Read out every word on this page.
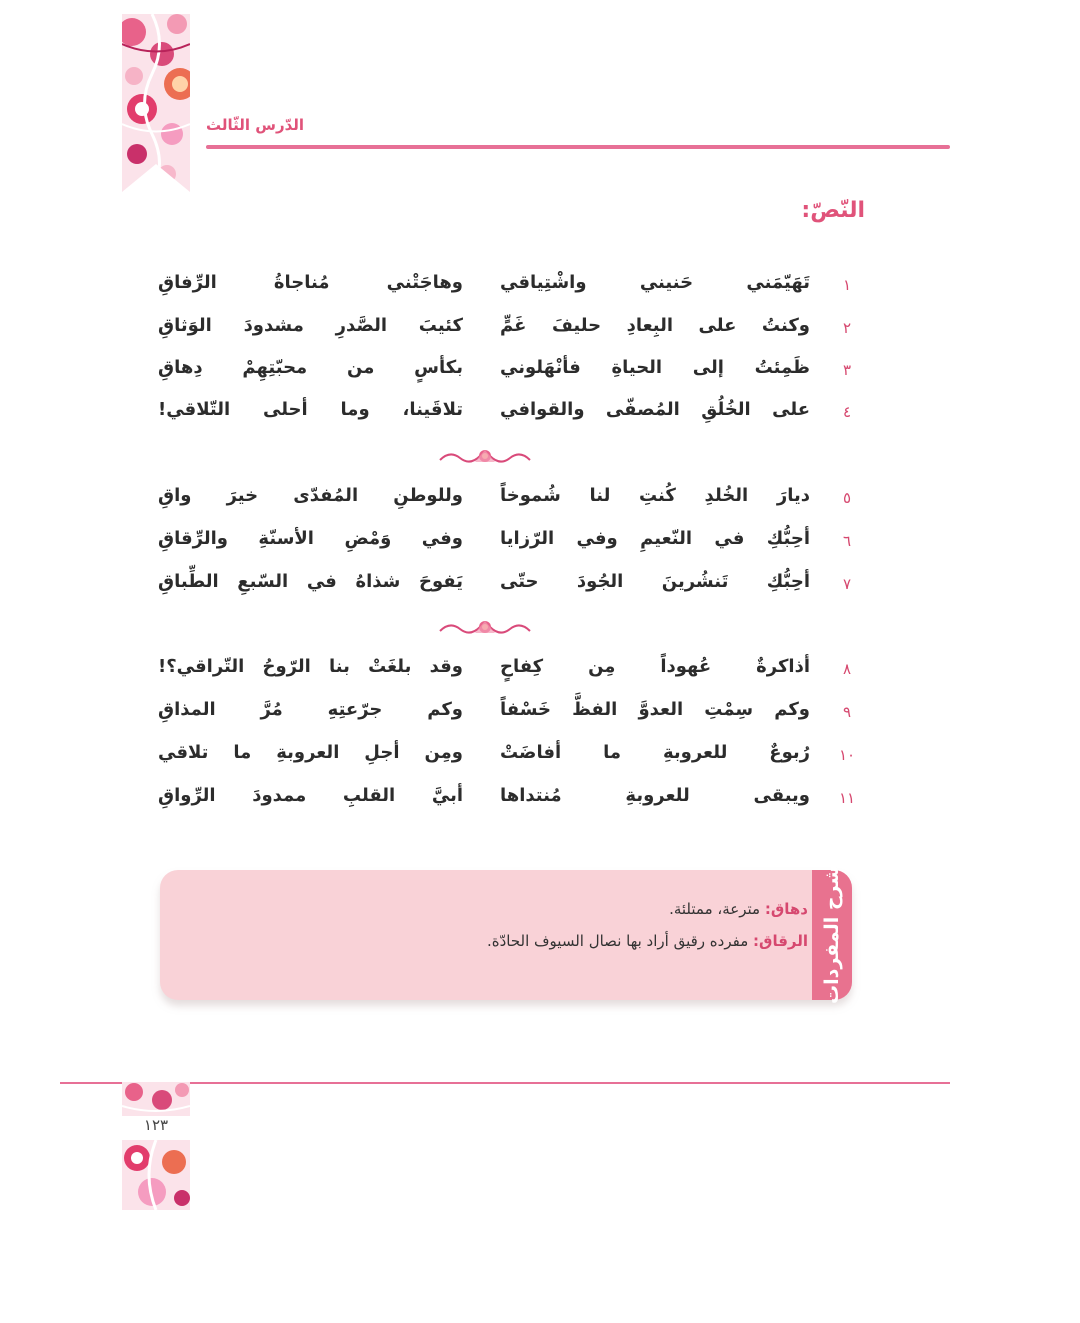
الدّرس الثّالث
النّصّ:
١
تَهَيّمَني حَنيني واشْتِياقي
وهاجَتْني مُناجاةُ الرِّفاقِ
٢
وكنتُ على البِعادِ حليفَ غَمٍّ
كئيبَ الصَّدرِ مشدودَ الوَثاقِ
٣
ظَمِئتُ إلى الحياةِ فأنْهَلوني
بكأسٍ من محبّتِهِمْ دِهاقِ
٤
على الخُلُقِ المُصفّى والقوافي
تلاقَينا، وما أحلى التّلاقي!
٥
ديارَ الخُلدِ كُنتِ لنا شُموخاً
وللوطنِ المُفدّى خيرَ واقِ
٦
أحِبُّكِ في النّعيمِ وفي الرّزايا
وفي وَمْضِ الأسنّةِ والرِّقاقِ
٧
أحِبُّكِ تَنشُرينَ الجُودَ حتّى
يَفوحَ شذاهُ في السّبعِ الطِّباقِ
٨
أذاكرةٌ عُهوداً مِن كِفاحٍ
وقد بلغَتْ بنا الرّوحُ التّراقي؟!
٩
وكم سِمْتِ العدوَّ الفظَّ خَسْفاً
وكم جرّعتِهِ مُرَّ المذاقِ
١٠
رُبوعٌ للعروبةِ ما أفاضَتْ
ومِن أجلِ العروبةِ ما تلاقي
١١
ويبقى للعروبةِ مُنتداها
أبيَّ القلبِ ممدودَ الرِّواقِ
شرح المفردات
دهاق: مترعة، ممتلئة.
الرقاق: مفرده رقيق أراد بها نصال السيوف الحادّة.
١٢٣
